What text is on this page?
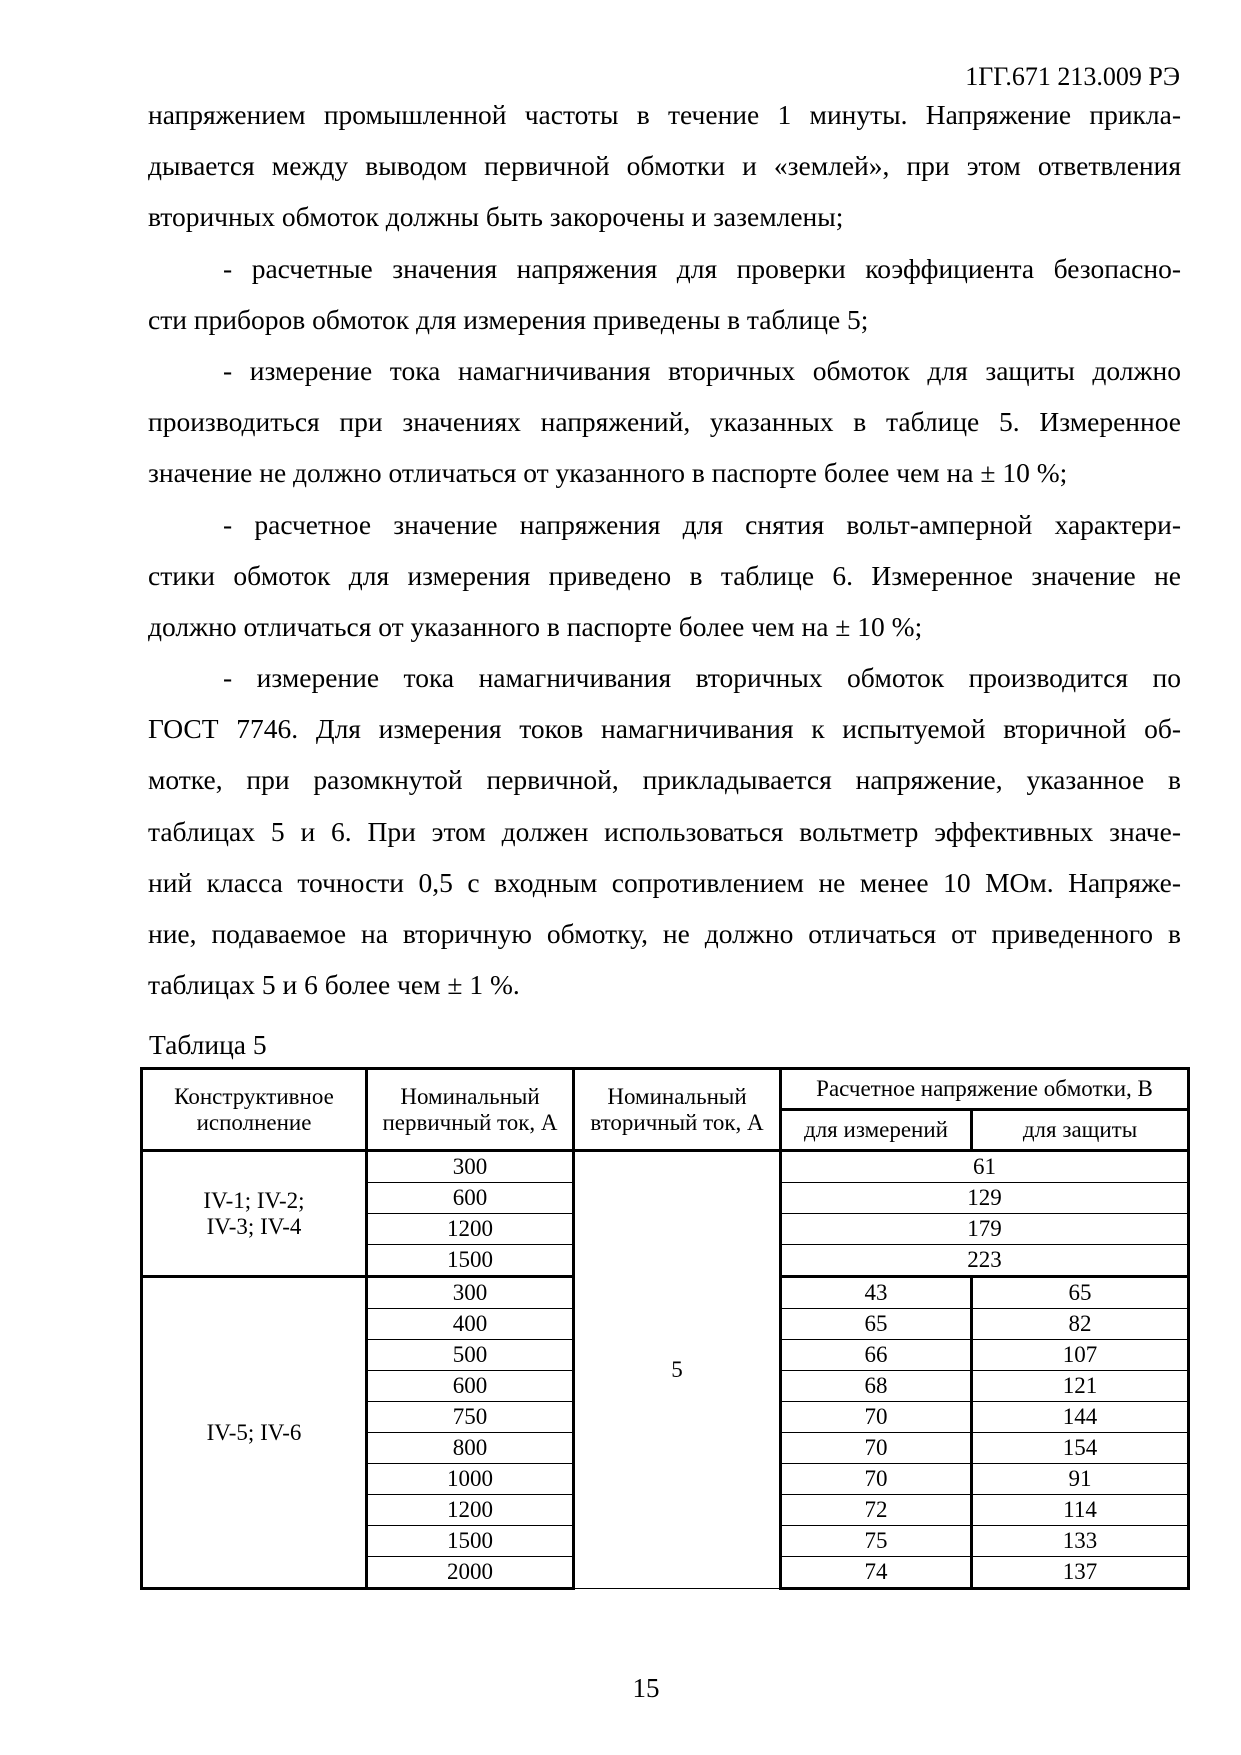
1ГГ.671 213.009 РЭ
напряжением промышленной частоты в течение 1 минуты. Напряжение прикла-
дывается между выводом первичной обмотки и «землей», при этом ответвления
вторичных обмоток должны быть закорочены и заземлены;
- расчетные значения напряжения для проверки коэффициента безопасно-
сти приборов обмоток для измерения приведены в таблице 5;
- измерение тока намагничивания вторичных обмоток для защиты должно
производиться при значениях напряжений, указанных в таблице 5. Измеренное
значение не должно отличаться от указанного в паспорте более чем на ± 10 %;
- расчетное значение напряжения для снятия вольт-амперной характери-
стики обмоток для измерения приведено в таблице 6. Измеренное значение не
должно отличаться от указанного в паспорте более чем на ± 10 %;
- измерение тока намагничивания вторичных обмоток производится по
ГОСТ 7746. Для измерения токов намагничивания к испытуемой вторичной об-
мотке, при разомкнутой первичной, прикладывается напряжение, указанное в
таблицах 5 и 6. При этом должен использоваться вольтметр эффективных значе-
ний класса точности 0,5 с входным сопротивлением не менее 10 МОм. Напряже-
ние, подаваемое на вторичную обмотку, не должно отличаться от приведенного в
таблицах 5 и 6 более чем ± 1 %.
Таблица 5
Конструктивное исполнение	Номинальный первичный ток, А	Номинальный вторичный ток, А	Расчетное напряжение обмотки, В	
			для измерений	для защиты
IV-1; IV-2; IV-3; IV-4	300	5	61	
	600		129	
	1200		179	
	1500		223	
IV-5; IV-6	300		43	65
	400		65	82
	500		66	107
	600		68	121
	750		70	144
	800		70	154
	1000		70	91
	1200		72	114
	1500		75	133
	2000		74	137
15
